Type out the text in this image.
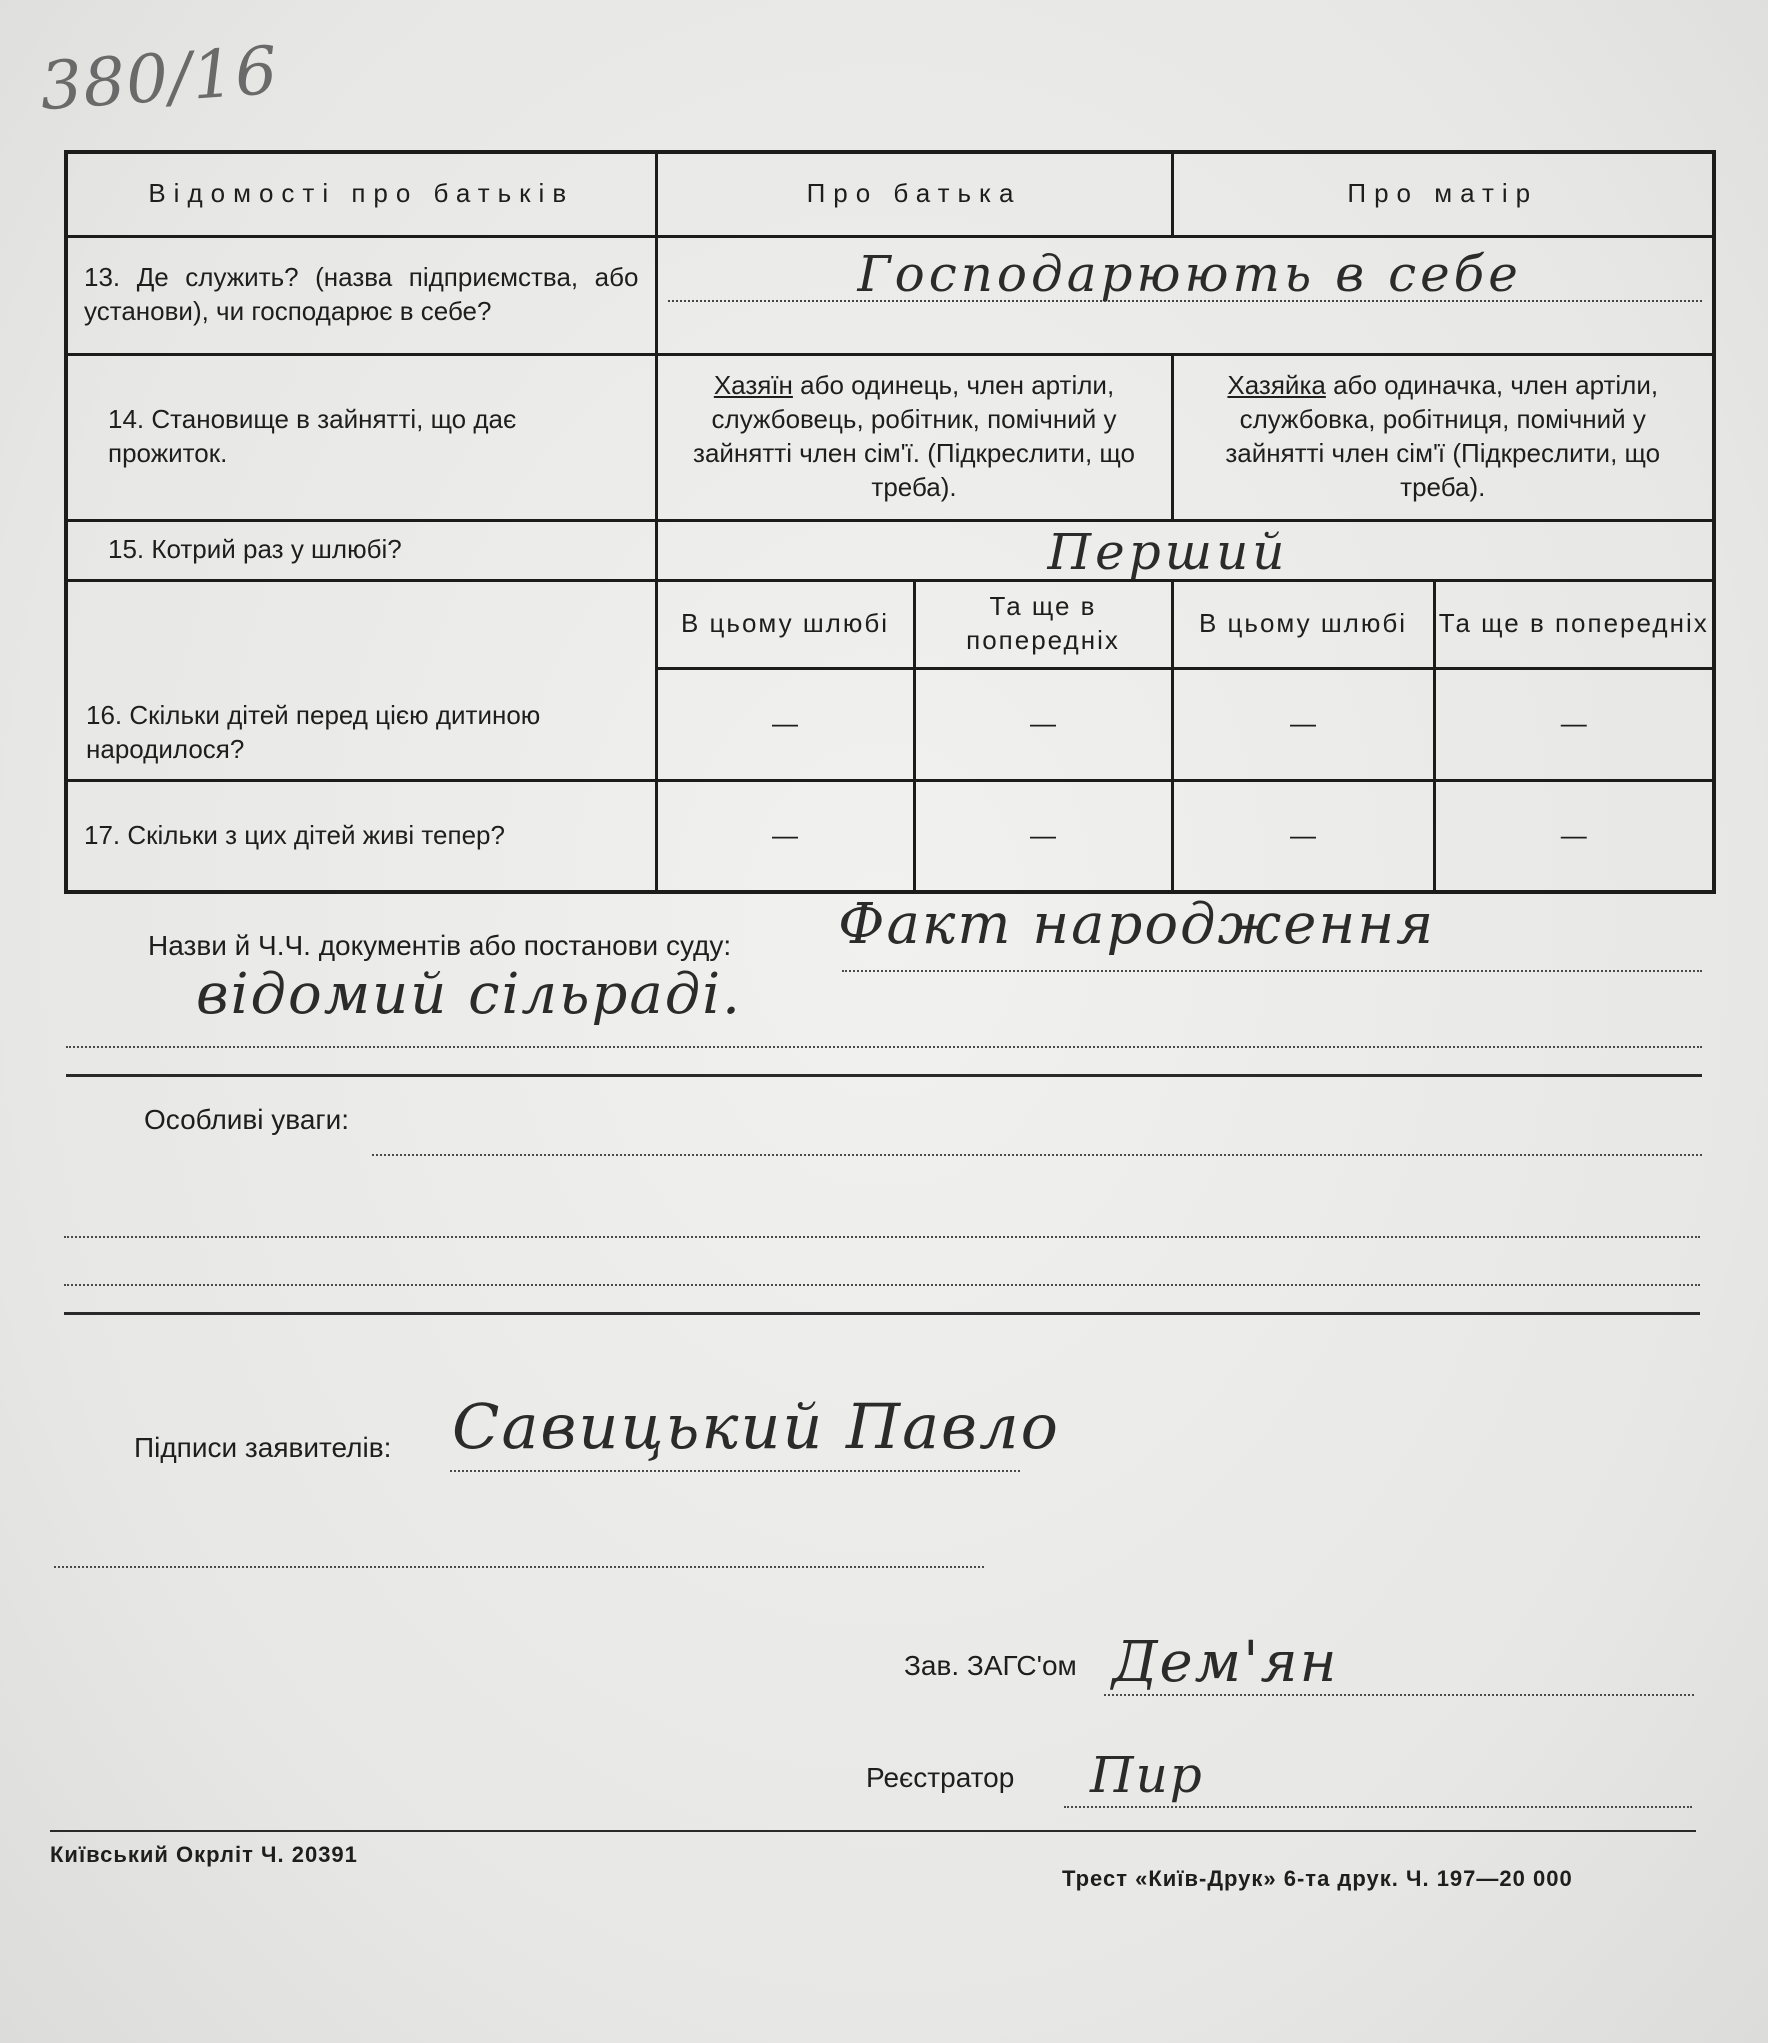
380/16
Відомості про батьків	Про батька		Про матір	
13. Де служить? (назва підприємства, або установи), чи господарює в себе?	Господарюють в себе			

14. Становище в зайнятті, що дає прожиток.	Хазяїн або одинець, член артіли, службовець, робітник, помічний у зайнятті член сім'ї. (Підкреслити, що треба).		Хазяйка або одиначка, член артіли, службовка, робітниця, помічний у зайнятті член сім'ї (Підкреслити, що треба).	
15. Котрий раз у шлюбі?	Перший			

16. Скільки дітей перед цією дитиною народилося?	В цьому шлюбі	Та ще в попередніх	В цьому шлюбі	Та ще в попередніх
	—	—	—	—
17. Скільки з цих дітей живі тепер?	—	—	—	—
Назви й Ч.Ч. документів або постанови суду: Факт народження
відомий сільраді.
Особливі уваги:
Підписи заявителів: Савицький Павло
Зав. ЗАГС'ом Дем'ян
Реєстратор Пир
Київський Окрліт Ч. 20391
Трест «Київ-Друк» 6-та друк. Ч. 197—20 000
